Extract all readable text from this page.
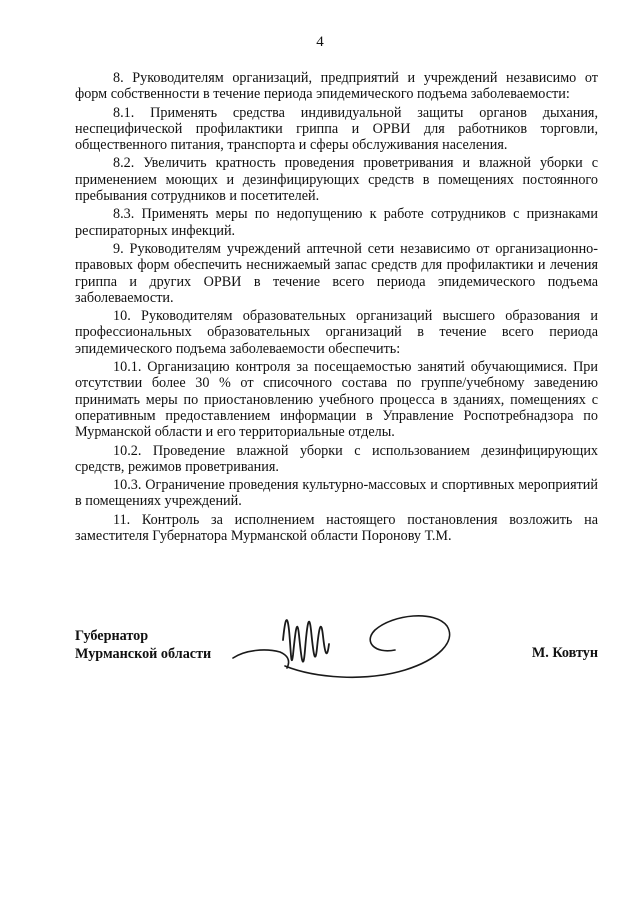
4

8. Руководителям организаций, предприятий и учреждений независимо от форм собственности в течение периода эпидемического подъема заболеваемости:

8.1. Применять средства индивидуальной защиты органов дыхания, неспецифической профилактики гриппа и ОРВИ для работников торговли, общественного питания, транспорта и сферы обслуживания населения.

8.2. Увеличить кратность проведения проветривания и влажной уборки с применением моющих и дезинфицирующих средств в помещениях постоянного пребывания сотрудников и посетителей.

8.3. Применять меры по недопущению к работе сотрудников с признаками респираторных инфекций.

9. Руководителям учреждений аптечной сети независимо от организационно-правовых форм обеспечить неснижаемый запас средств для профилактики и лечения гриппа и других ОРВИ в течение всего периода эпидемического подъема заболеваемости.

10. Руководителям образовательных организаций высшего образования и профессиональных образовательных организаций в течение всего периода эпидемического подъема заболеваемости обеспечить:

10.1. Организацию контроля за посещаемостью занятий обучающимися. При отсутствии более 30 % от списочного состава по группе/учебному заведению принимать меры по приостановлению учебного процесса в зданиях, помещениях с оперативным предоставлением информации в Управление Роспотребнадзора по Мурманской области и его территориальные отделы.

10.2. Проведение влажной уборки с использованием дезинфицирующих средств, режимов проветривания.

10.3. Ограничение проведения культурно-массовых и спортивных мероприятий в помещениях учреждений.

11. Контроль за исполнением настоящего постановления возложить на заместителя Губернатора Мурманской области Поронову Т.М.

Губернатор
Мурманской области	М. Ковтун
